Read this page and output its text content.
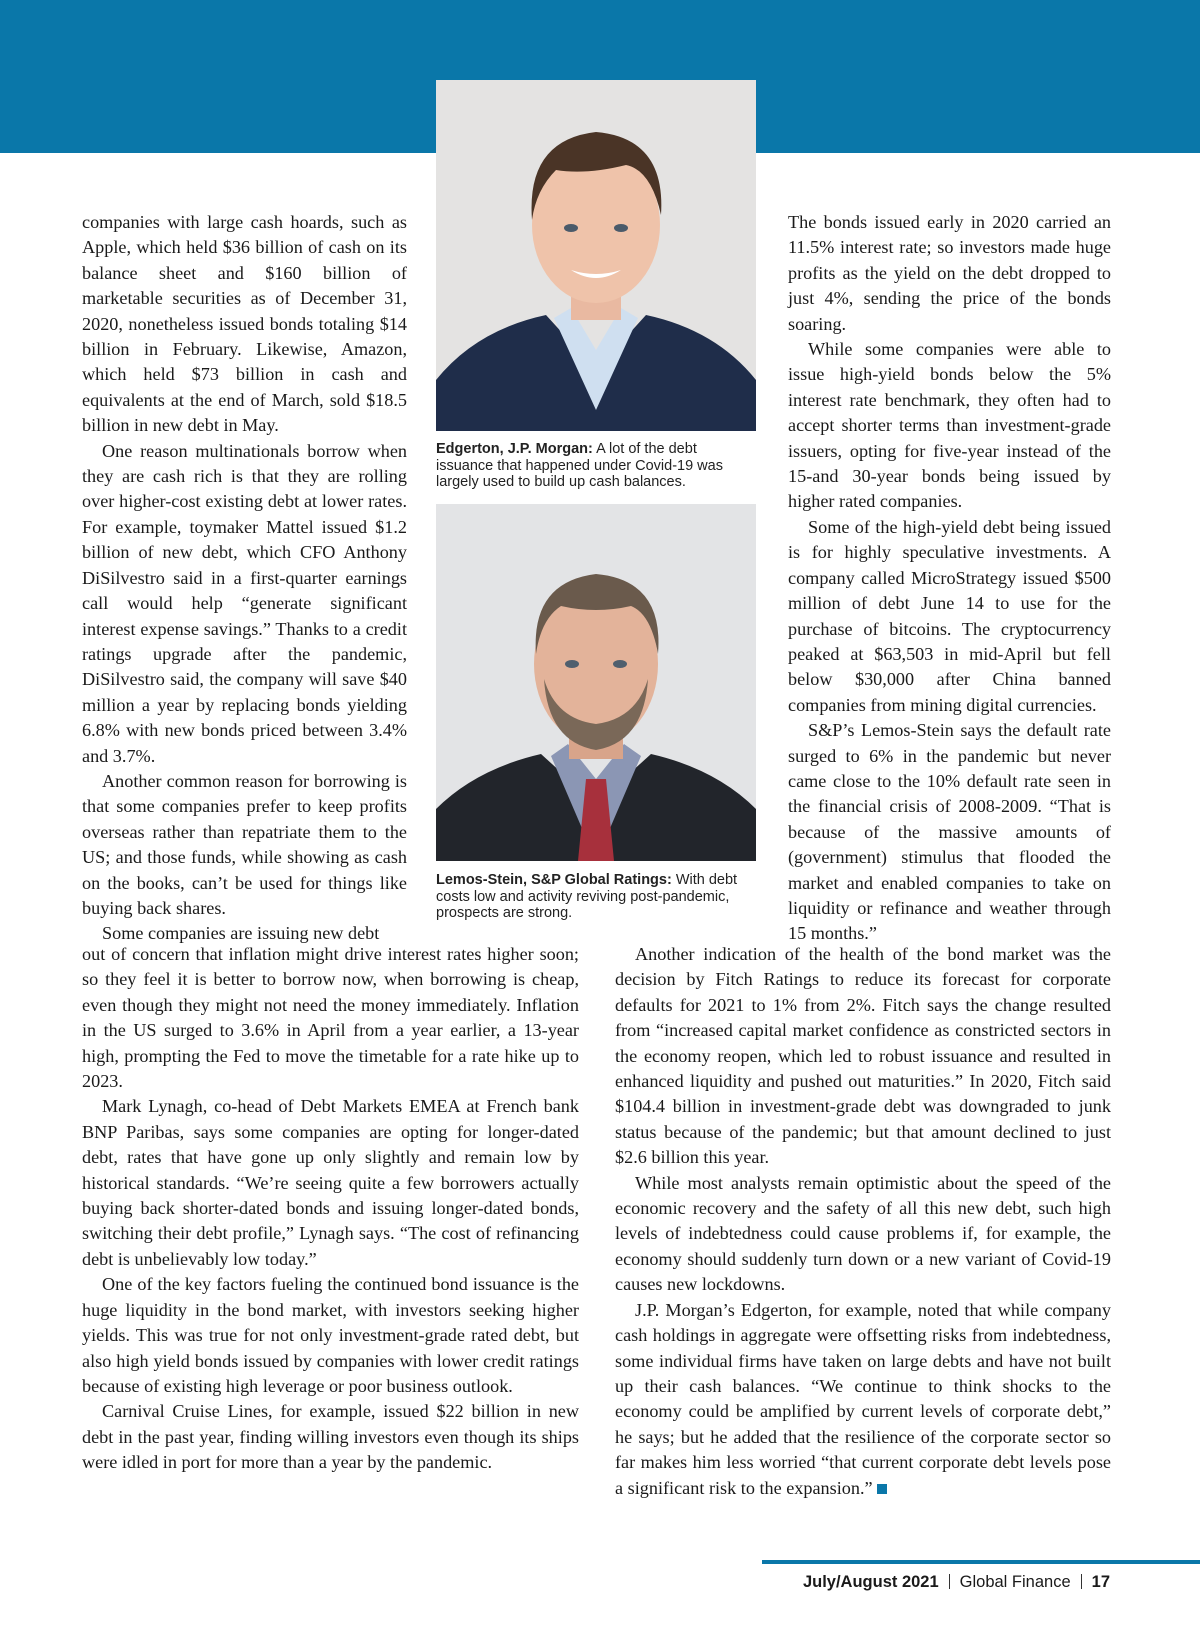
Edgerton, J.P. Morgan: A lot of the debt issuance that happened under Covid-19 was largely used to build up cash balances.
Lemos-Stein, S&P Global Ratings: With debt costs low and activity reviving post-pandemic, prospects are strong.

companies with large cash hoards, such as Apple, which held $36 billion of cash on its balance sheet and $160 billion of marketable securities as of December 31, 2020, nonetheless issued bonds totaling $14 billion in February. Likewise, Amazon, which held $73 billion in cash and equivalents at the end of March, sold $18.5 billion in new debt in May.

One reason multinationals borrow when they are cash rich is that they are rolling over higher-cost existing debt at lower rates. For example, toymaker Mattel issued $1.2 billion of new debt, which CFO Anthony DiSilvestro said in a first-quarter earnings call would help “generate significant interest expense savings.” Thanks to a credit ratings upgrade after the pandemic, DiSilvestro said, the company will save $40 million a year by replacing bonds yielding 6.8% with new bonds priced between 3.4% and 3.7%.

Another common reason for borrowing is that some companies prefer to keep profits overseas rather than repatriate them to the US; and those funds, while showing as cash on the books, can’t be used for things like buying back shares.

Some companies are issuing new debt

The bonds issued early in 2020 carried an 11.5% interest rate; so investors made huge profits as the yield on the debt dropped to just 4%, sending the price of the bonds soaring.

While some companies were able to issue high-yield bonds below the 5% interest rate benchmark, they often had to accept shorter terms than investment-grade issuers, opting for five-year instead of the 15-and 30-year bonds being issued by higher rated companies.

Some of the high-yield debt being issued is for highly speculative investments. A company called MicroStrategy issued $500 million of debt June 14 to use for the purchase of bitcoins. The cryptocurrency peaked at $63,503 in mid-April but fell below $30,000 after China banned companies from mining digital currencies.

S&P’s Lemos-Stein says the default rate surged to 6% in the pandemic but never came close to the 10% default rate seen in the financial crisis of 2008-2009. “That is because of the massive amounts of (government) stimulus that flooded the market and enabled companies to take on liquidity or refinance and weather through 15 months.”

out of concern that inflation might drive interest rates higher soon; so they feel it is better to borrow now, when borrowing is cheap, even though they might not need the money immediately. Inflation in the US surged to 3.6% in April from a year earlier, a 13-year high, prompting the Fed to move the timetable for a rate hike up to 2023.

Mark Lynagh, co-head of Debt Markets EMEA at French bank BNP Paribas, says some companies are opting for longer-dated debt, rates that have gone up only slightly and remain low by historical standards. “We’re seeing quite a few borrowers actually buying back shorter-dated bonds and issuing longer-dated bonds, switching their debt profile,” Lynagh says. “The cost of refinancing debt is unbelievably low today.”

One of the key factors fueling the continued bond issuance is the huge liquidity in the bond market, with investors seeking higher yields. This was true for not only investment-grade rated debt, but also high yield bonds issued by companies with lower credit ratings because of existing high leverage or poor business outlook.

Carnival Cruise Lines, for example, issued $22 billion in new debt in the past year, finding willing investors even though its ships were idled in port for more than a year by the pandemic.

Another indication of the health of the bond market was the decision by Fitch Ratings to reduce its forecast for corporate defaults for 2021 to 1% from 2%. Fitch says the change resulted from “increased capital market confidence as constricted sectors in the economy reopen, which led to robust issuance and resulted in enhanced liquidity and pushed out maturities.” In 2020, Fitch said $104.4 billion in investment-grade debt was downgraded to junk status because of the pandemic; but that amount declined to just $2.6 billion this year.

While most analysts remain optimistic about the speed of the economic recovery and the safety of all this new debt, such high levels of indebtedness could cause problems if, for example, the economy should suddenly turn down or a new variant of Covid-19 causes new lockdowns.

J.P. Morgan’s Edgerton, for example, noted that while company cash holdings in aggregate were offsetting risks from indebtedness, some individual firms have taken on large debts and have not built up their cash balances. “We continue to think shocks to the economy could be amplified by current levels of corporate debt,” he says; but he added that the resilience of the corporate sector so far makes him less worried “that current corporate debt levels pose a significant risk to the expansion.”

July/August 2021 Global Finance 17
